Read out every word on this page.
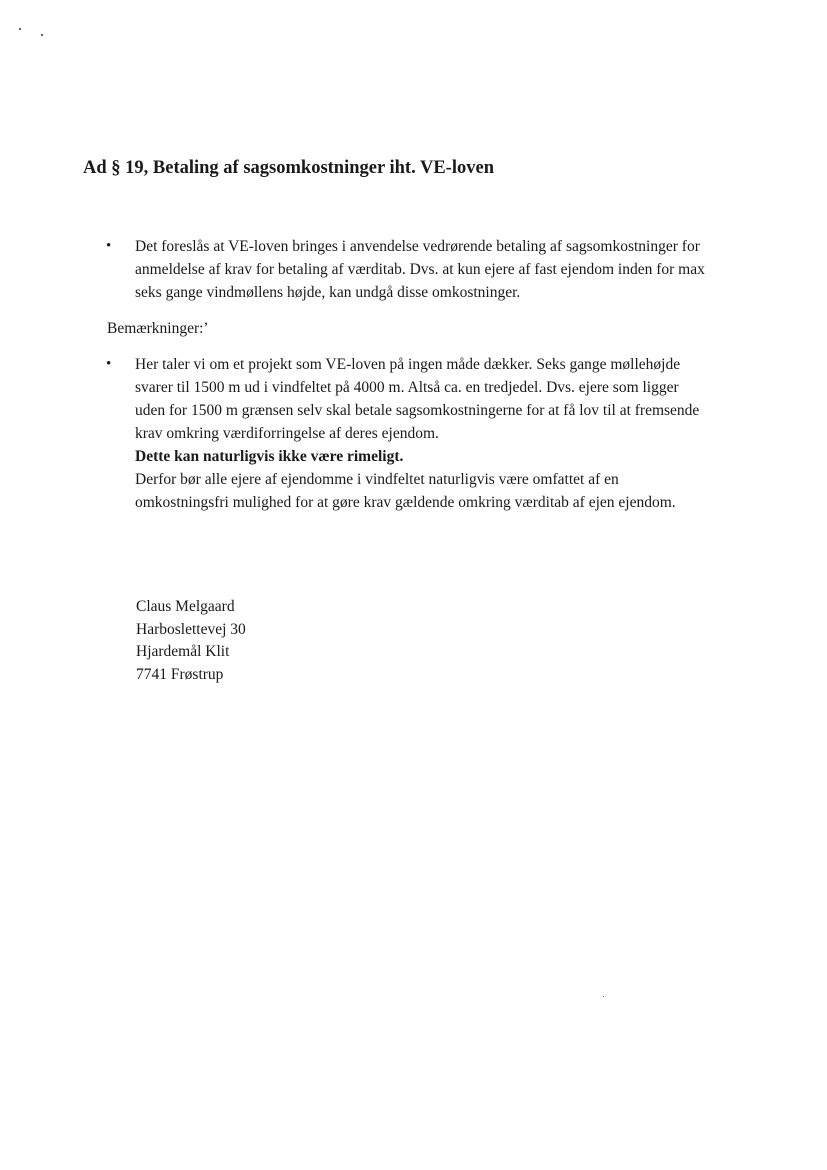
Ad § 19, Betaling af sagsomkostninger iht. VE-loven
• Det foreslås at VE-loven bringes i anvendelse vedrørende betaling af sagsomkostninger for
anmeldelse af krav for betaling af værditab. Dvs. at kun ejere af fast ejendom inden for max
seks gange vindmøllens højde, kan undgå disse omkostninger.
Bemærkninger:’
• Her taler vi om et projekt som VE-loven på ingen måde dækker. Seks gange møllehøjde
svarer til 1500 m ud i vindfeltet på 4000 m. Altså ca. en tredjedel. Dvs. ejere som ligger
uden for 1500 m grænsen selv skal betale sagsomkostningerne for at få lov til at fremsende
krav omkring værdiforringelse af deres ejendom.
Dette kan naturligvis ikke være rimeligt.
Derfor bør alle ejere af ejendomme i vindfeltet naturligvis være omfattet af en
omkostningsfri mulighed for at gøre krav gældende omkring værditab af ejen ejendom.
Claus Melgaard
Harboslettevej 30
Hjardemål Klit
7741 Frøstrup
